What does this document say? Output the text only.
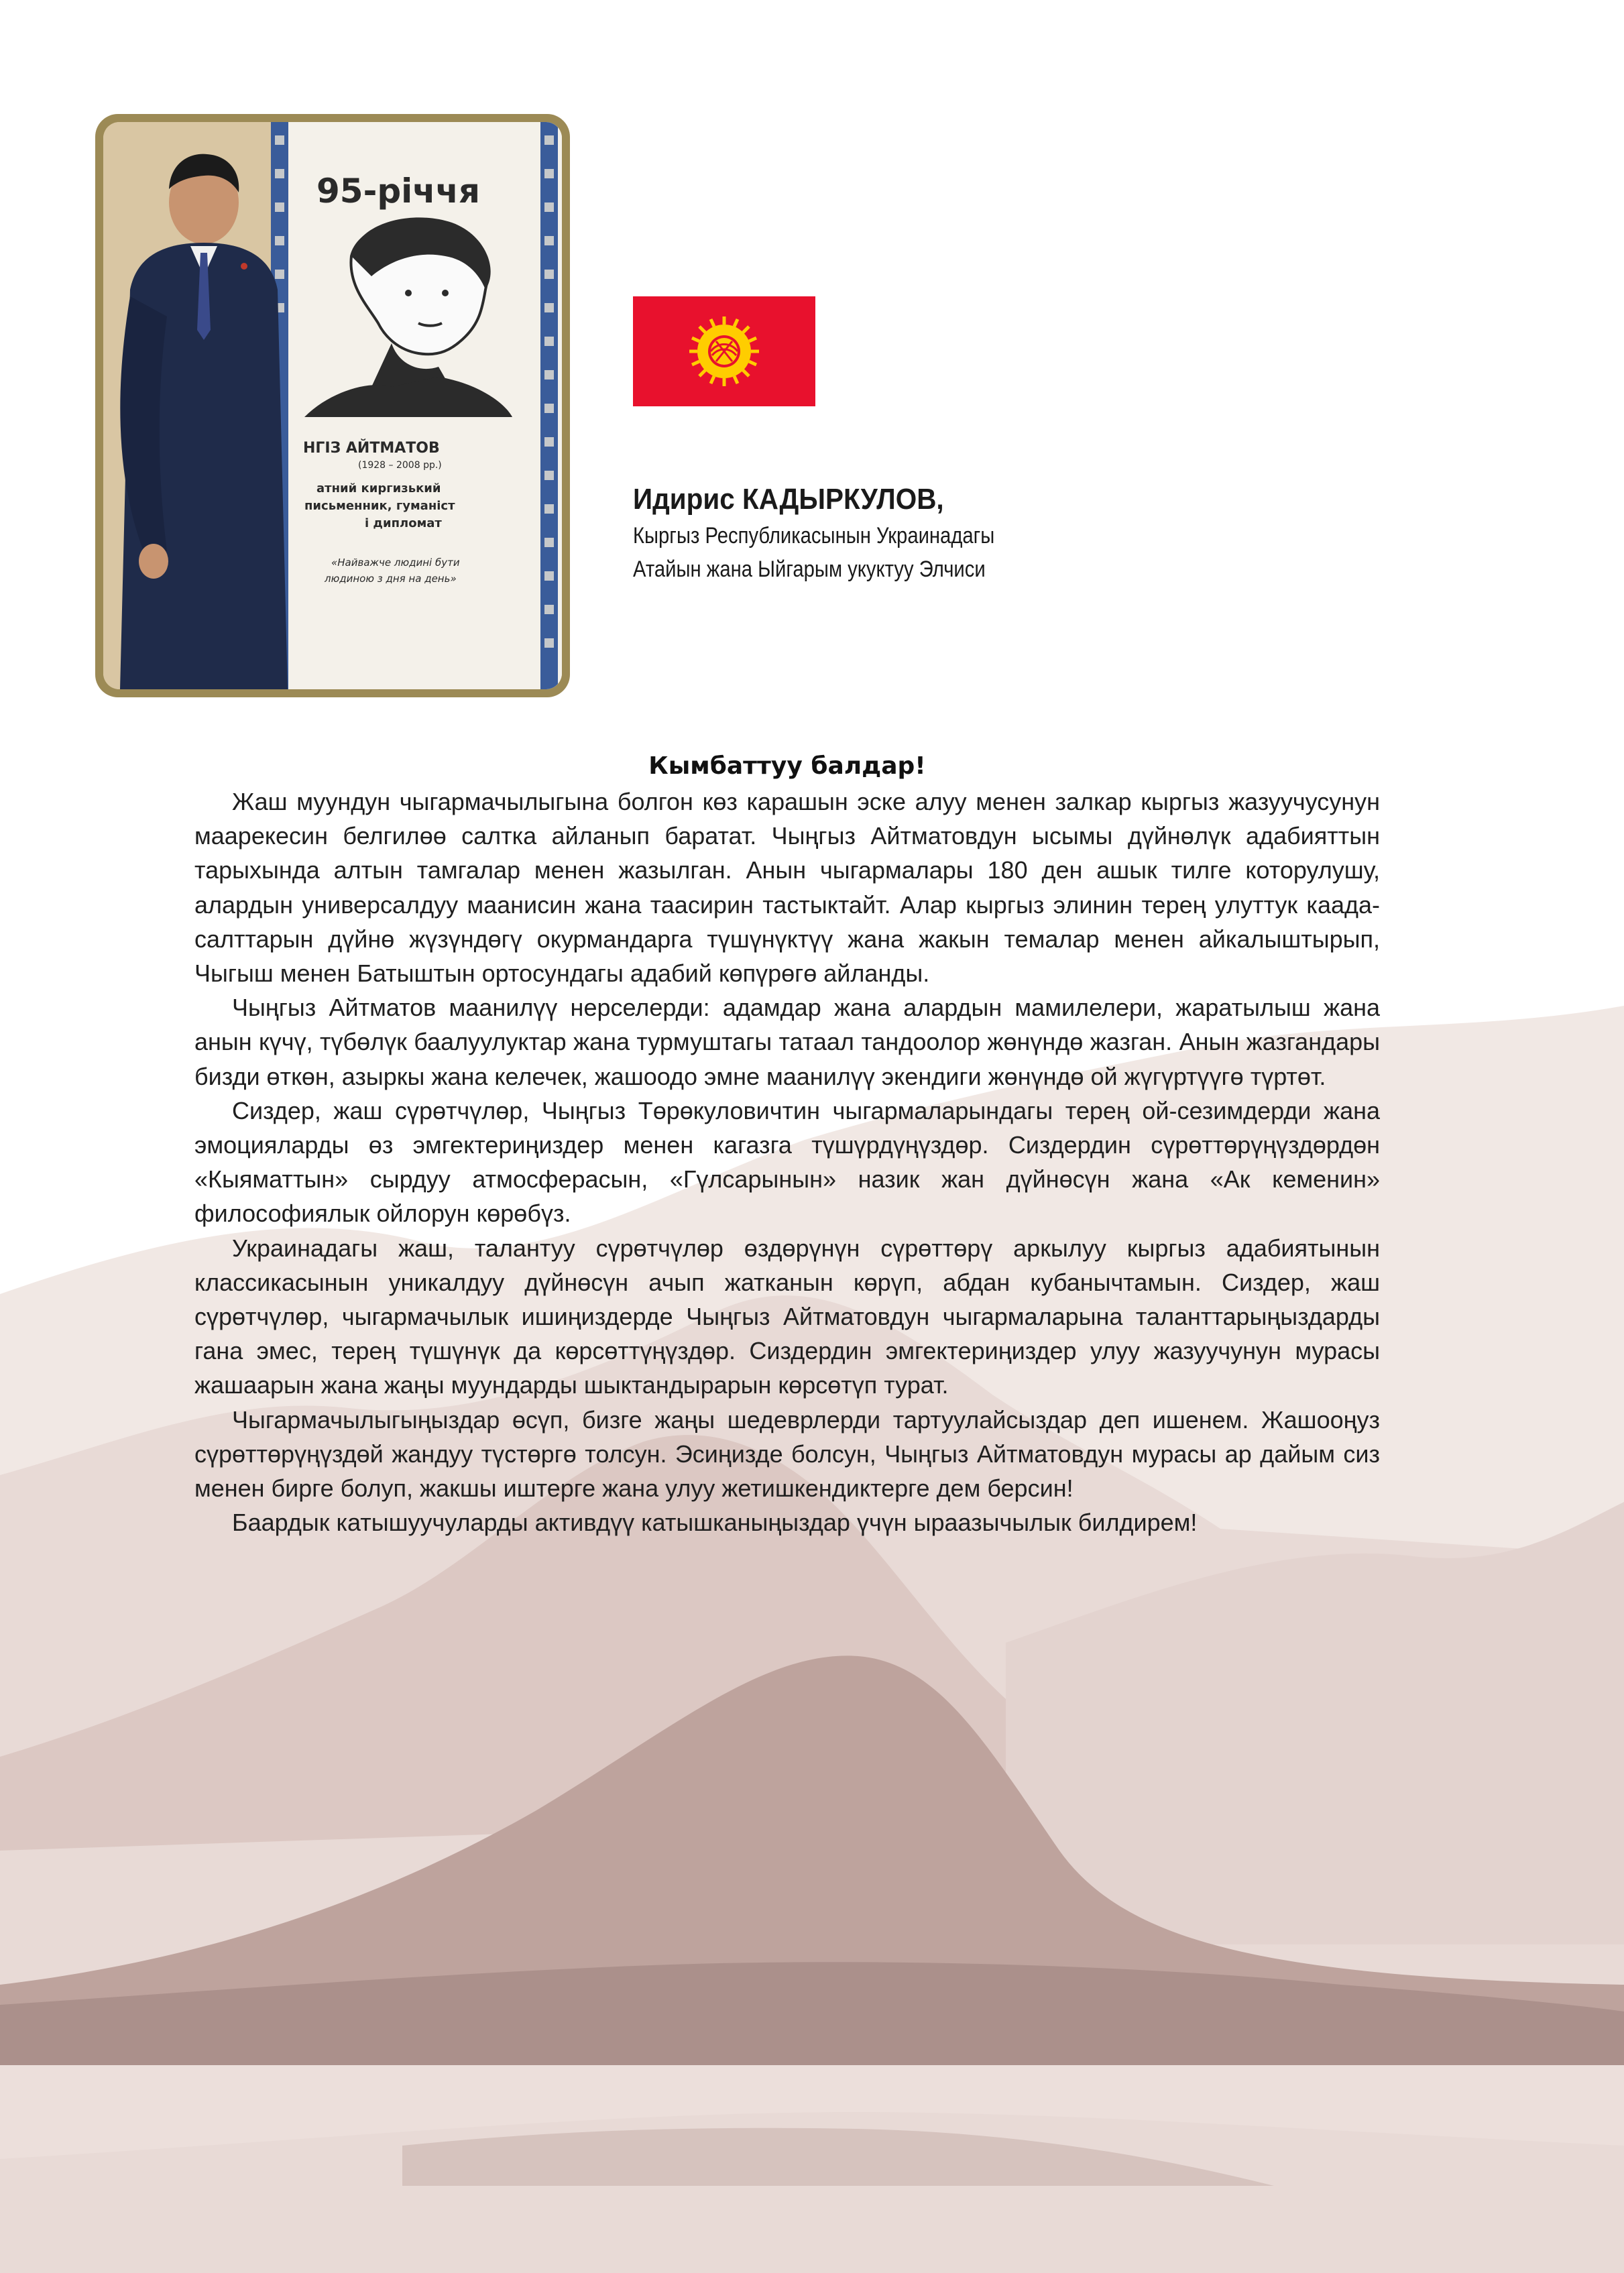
95-річчя
НГІЗ АЙТМАТОВ
(1928 – 2008 рр.)
атний киргизький
письменник, гуманіст
і дипломат
«Найважче людині бути
людиною з дня на день»
Идирис КАДЫРКУЛОВ,
Кыргыз Республикасынын Украинадагы
Атайын жана Ыйгарым укуктуу Элчиси

Кымбаттуу балдар!

Жаш муундун чыгармачылыгына болгон көз карашын эске алуу менен залкар кыргыз жазуучусунун маарекесин белгилөө салтка айланып баратат. Чыңгыз Айтматовдун ысымы дүйнөлүк адабияттын тарыхында алтын тамгалар менен жазылган. Анын чыгармалары 180 ден ашык тилге которулушу, алардын универсалдуу маанисин жана таасирин тастыктайт. Алар кыргыз элинин терең улуттук каада-салттарын дүйнө жүзүндөгү окурмандарга түшүнүктүү жана жакын темалар менен айкалыштырып, Чыгыш менен Батыштын ортосундагы адабий көпүрөгө айланды.

Чыңгыз Айтматов маанилүү нерселерди: адамдар жана алардын мамилелери, жаратылыш жана анын күчү, түбөлүк баалуулуктар жана турмуштагы татаал тандоолор жөнүндө жазган. Анын жазгандары бизди өткөн, азыркы жана келечек, жашоодо эмне маанилүү экендиги жөнүндө ой жүгүртүүгө түртөт.

Сиздер, жаш сүрөтчүлөр, Чыңгыз Төрөкуловичтин чыгармаларындагы терең ой-сезимдерди жана эмоцияларды өз эмгектериңиздер менен кагазга түшүрдүңүздөр. Сиздердин сүрөттөрүңүздөрдөн «Кыяматтын» сырдуу атмосферасын, «Гүлсарынын» назик жан дүйнөсүн жана «Ак кеменин» философиялык ойлорун көрөбүз.

Украинадагы жаш, талантуу сүрөтчүлөр өздөрүнүн сүрөттөрү аркылуу кыргыз адабиятынын классикасынын уникалдуу дүйнөсүн ачып жатканын көрүп, абдан кубанычтамын. Сиздер, жаш сүрөтчүлөр, чыгармачылык ишиңиздерде Чыңгыз Айтматовдун чыгармаларына таланттарыңыздарды гана эмес, терең түшүнүк да көрсөттүңүздөр. Сиздердин эмгектериңиздер улуу жазуучунун мурасы жашаарын жана жаңы муундарды шыктандырарын көрсөтүп турат.

Чыгармачылыгыңыздар өсүп, бизге жаңы шедеврлерди тартуулайсыздар деп ишенем. Жашооңуз сүрөттөрүңүздөй жандуу түстөргө толсун. Эсиңизде болсун, Чыңгыз Айтматовдун мурасы ар дайым сиз менен бирге болуп, жакшы иштерге жана улуу жетишкендиктерге дем берсин!

Баардык катышуучуларды активдүү катышканыңыздар үчүн ыраазычылык билдирем!
